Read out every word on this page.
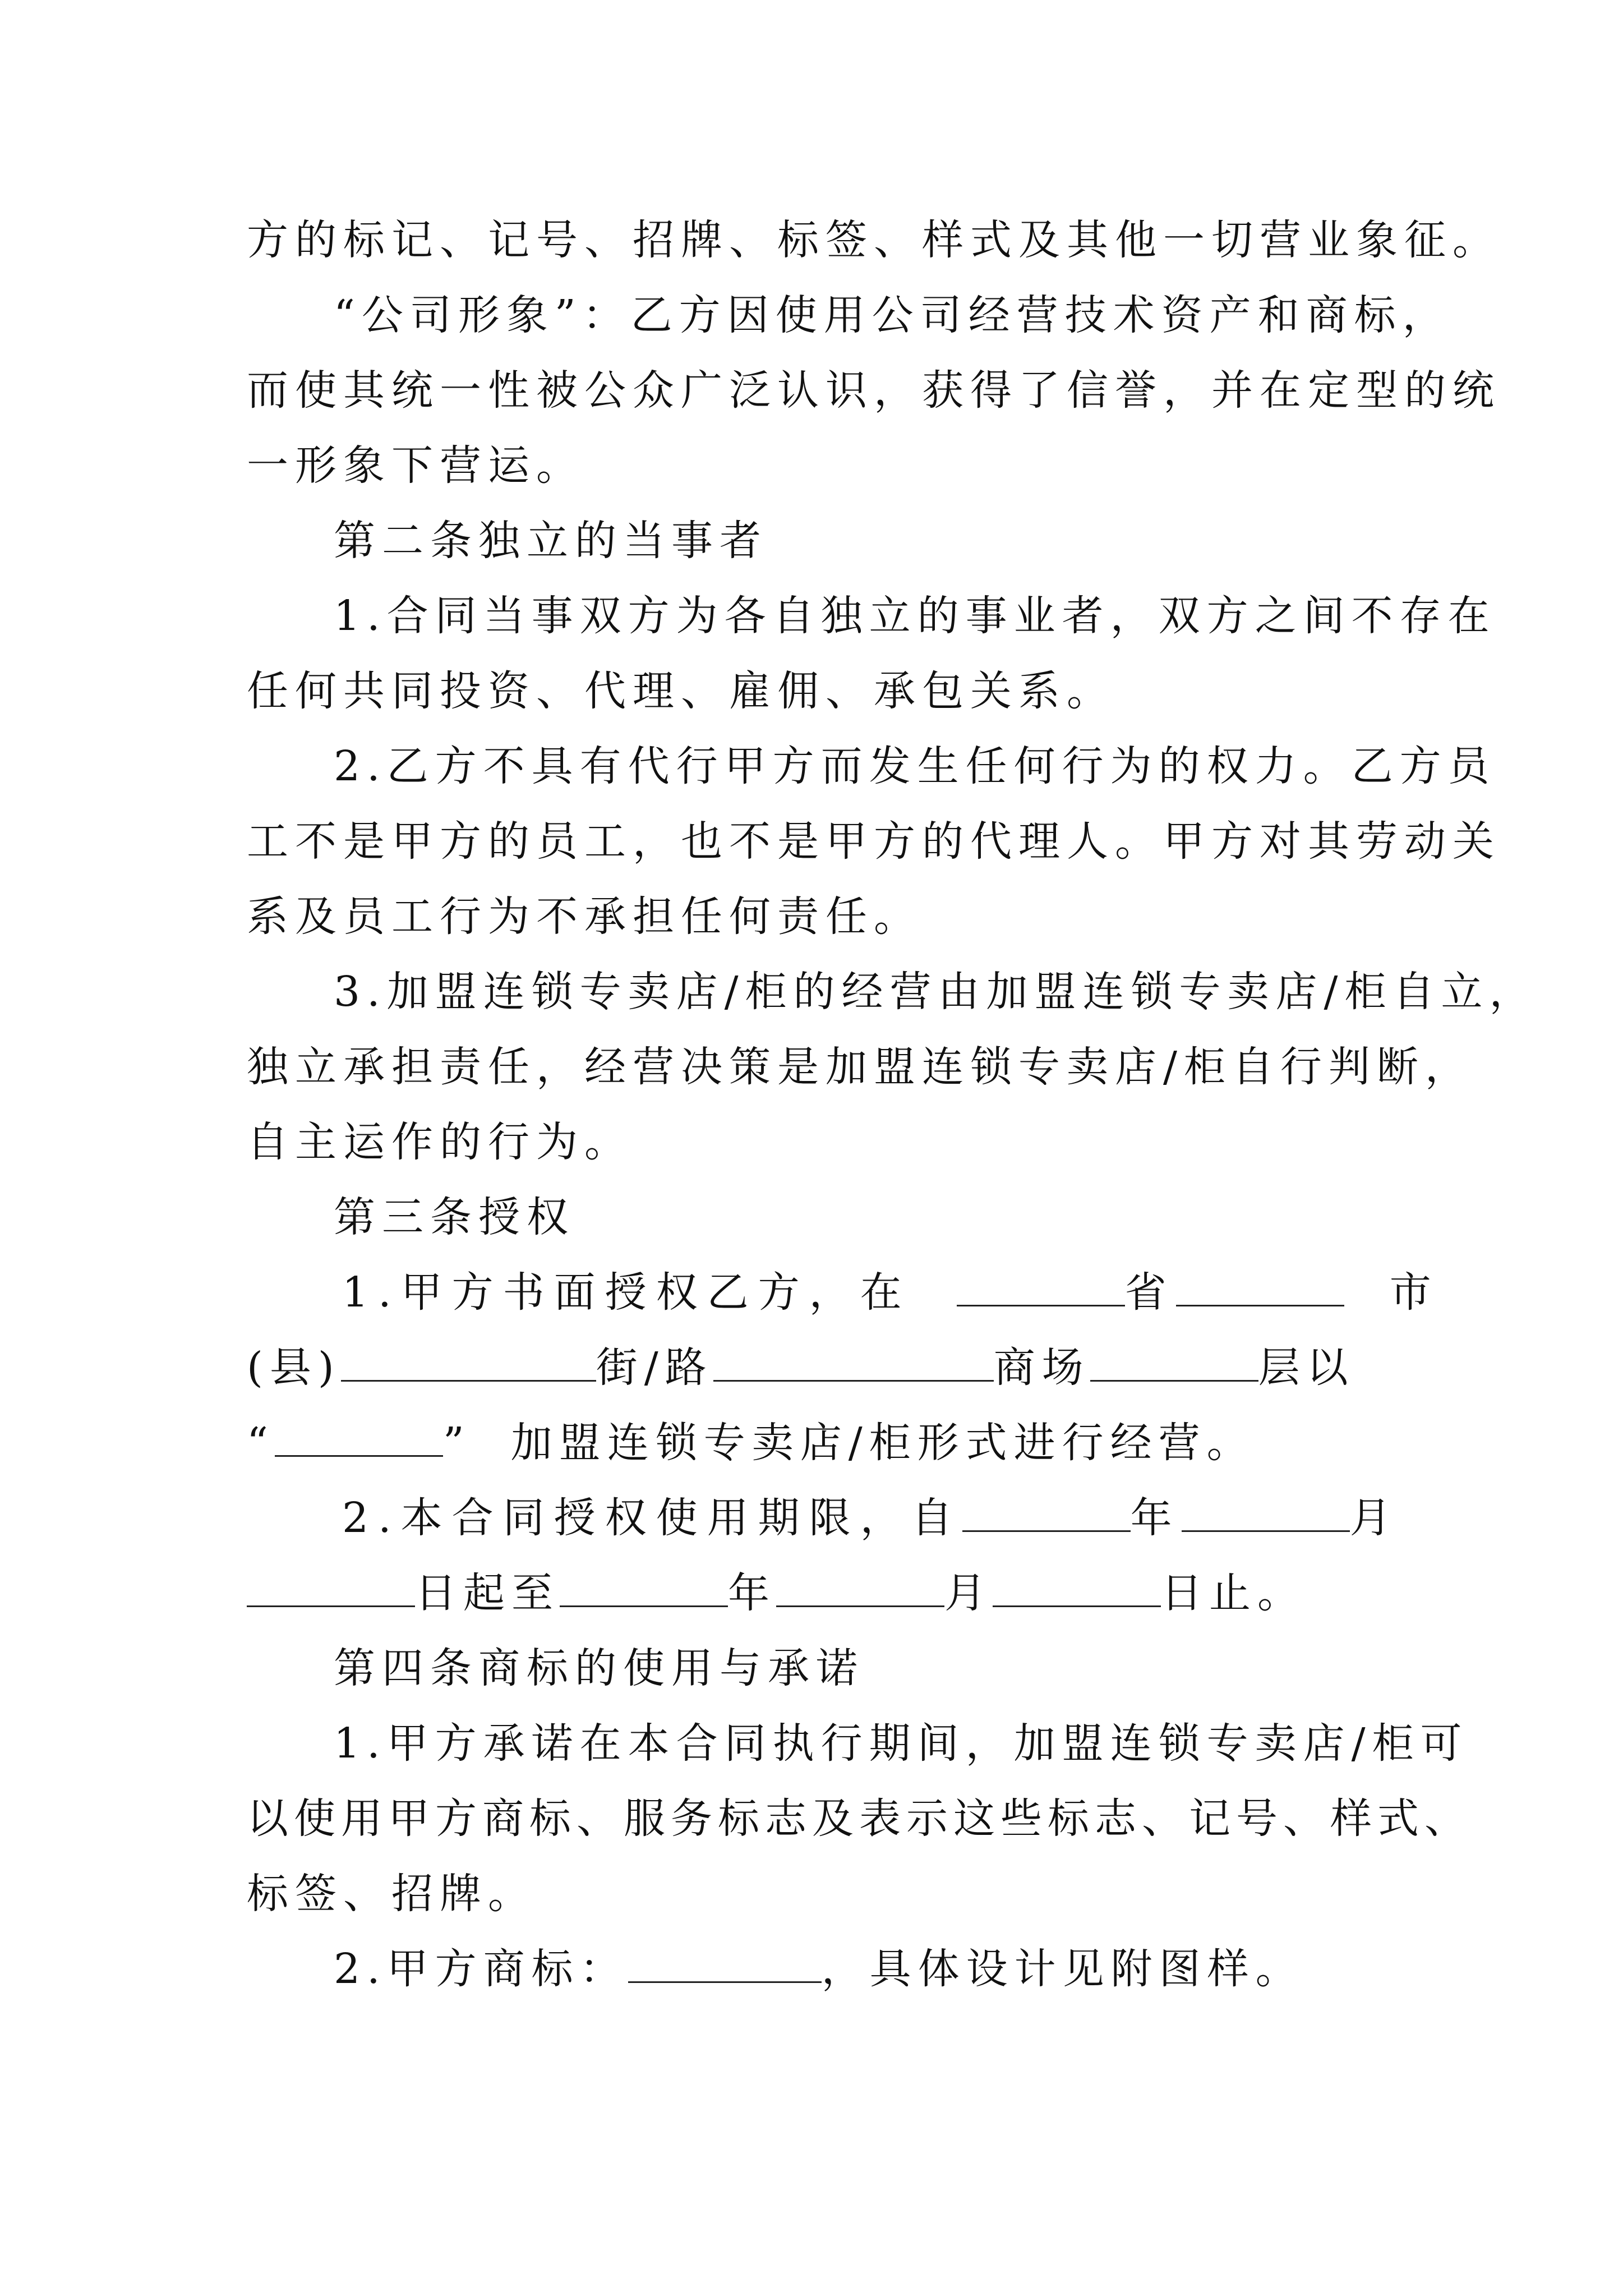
方的标记、记号、招牌、标签、样式及其他一切营业象征。
“公司形象”：乙方因使用公司经营技术资产和商标，
而使其统一性被公众广泛认识，获得了信誉，并在定型的统
一形象下营运。
第二条独立的当事者
1.合同当事双方为各自独立的事业者，双方之间不存在
任何共同投资、代理、雇佣、承包关系。
2.乙方不具有代行甲方而发生任何行为的权力。乙方员
工不是甲方的员工，也不是甲方的代理人。甲方对其劳动关
系及员工行为不承担任何责任。
3.加盟连锁专卖店/柜的经营由加盟连锁专卖店/柜自立，
独立承担责任，经营决策是加盟连锁专卖店/柜自行判断，
自主运作的行为。
第三条授权
1.甲方书面授权乙方，在	省	市
(县)	街/路	商场	层以
“	” 加盟连锁专卖店/柜形式进行经营。
2.本合同授权使用期限，自	年	月
日起至	年	月	日止。
第四条商标的使用与承诺
1.甲方承诺在本合同执行期间，加盟连锁专卖店/柜可
以使用甲方商标、服务标志及表示这些标志、记号、样式、
标签、招牌。
2.甲方商标：	，具体设计见附图样。
